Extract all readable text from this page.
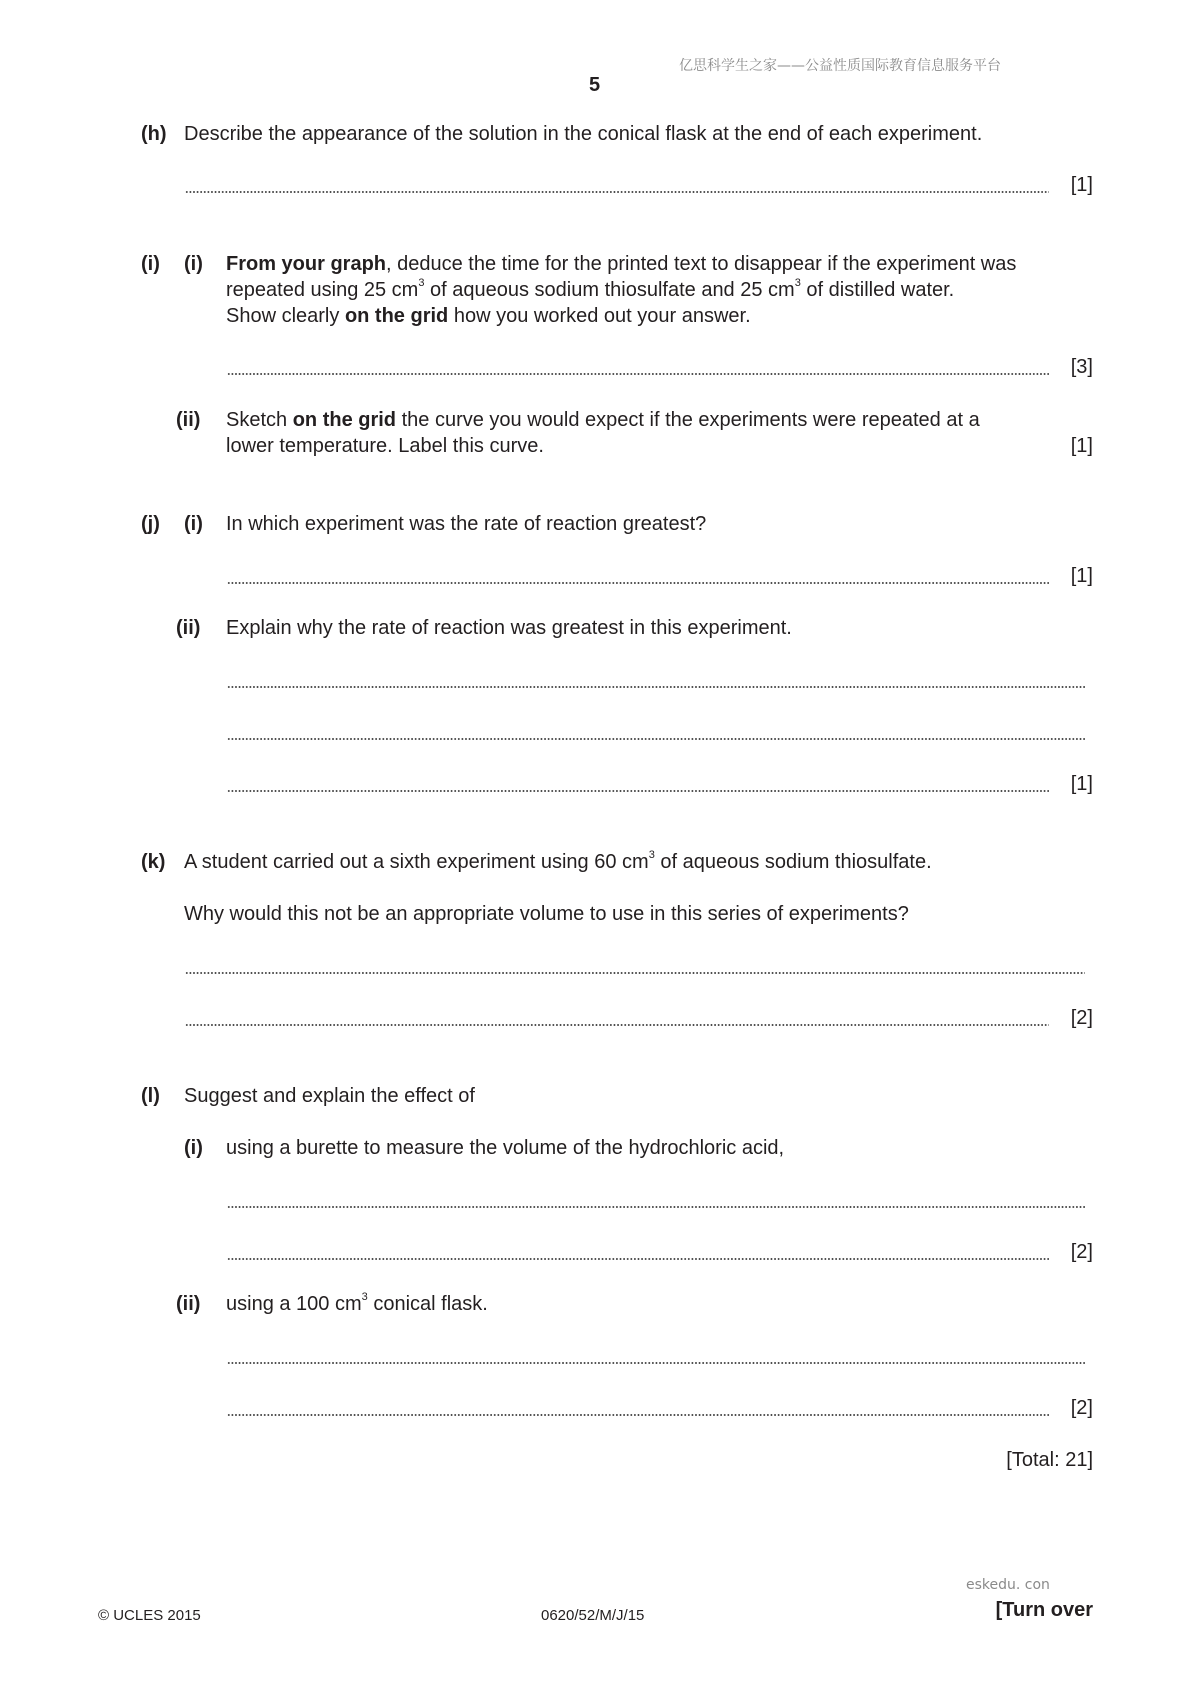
亿思科学生之家——公益性质国际教育信息服务平台
5
(h) Describe the appearance of the solution in the conical flask at the end of each experiment.
[1]
(i) (i) From your graph, deduce the time for the printed text to disappear if the experiment was
repeated using 25 $cm^3$ of aqueous sodium thiosulfate and 25 $cm^3$ of distilled water.
Show clearly on the grid how you worked out your answer.
[3]
(ii) Sketch on the grid the curve you would expect if the experiments were repeated at a
lower temperature. Label this curve.	[1]
(j) (i) In which experiment was the rate of reaction greatest?
[1]
(ii) Explain why the rate of reaction was greatest in this experiment.
[1]
(k) A student carried out a sixth experiment using 60 $cm^3$ of aqueous sodium thiosulfate.
Why would this not be an appropriate volume to use in this series of experiments?
[2]
(l) Suggest and explain the effect of
(i) using a burette to measure the volume of the hydrochloric acid,
[2]
(ii) using a 100 $cm^3$ conical flask.
[2]
[Total: 21]
eskedu. con
© UCLES 2015	0620/52/M/J/15	[Turn over
